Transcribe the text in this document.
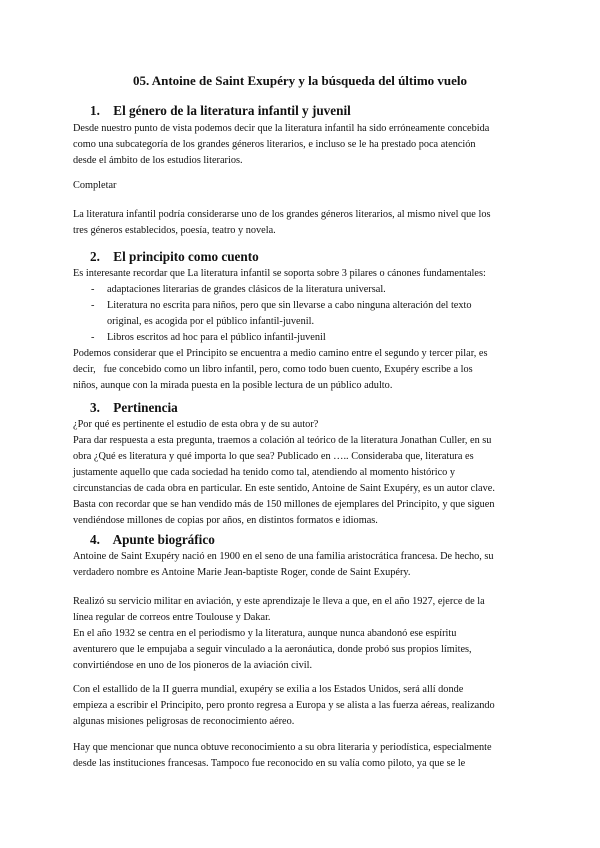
05. Antoine de Saint Exupéry y la búsqueda del último vuelo
1. El género de la literatura infantil y juvenil
Desde nuestro punto de vista podemos decir que la literatura infantil ha sido erróneamente concebida
como una subcategoría de los grandes géneros literarios, e incluso se le ha prestado poca atención
desde el ámbito de los estudios literarios.
Completar
La literatura infantil podría considerarse uno de los grandes géneros literarios, al mismo nivel que los
tres géneros establecidos, poesía, teatro y novela.
2. El principito como cuento
Es interesante recordar que La literatura infantil se soporta sobre 3 pilares o cánones fundamentales:
- adaptaciones literarias de grandes clásicos de la literatura universal.
- Literatura no escrita para niños, pero que sin llevarse a cabo ninguna alteración del texto
original, es acogida por el público infantil-juvenil.
- Libros escritos ad hoc para el público infantil-juvenil
Podemos considerar que el Principito se encuentra a medio camino entre el segundo y tercer pilar, es
decir,   fue concebido como un libro infantil, pero, como todo buen cuento, Exupéry escribe a los
niños, aunque con la mirada puesta en la posible lectura de un público adulto.
3. Pertinencia
¿Por qué es pertinente el estudio de esta obra y de su autor?
Para dar respuesta a esta pregunta, traemos a colación al teórico de la literatura Jonathan Culler, en su
obra ¿Qué es literatura y qué importa lo que sea? Publicado en ….. Consideraba que, literatura es
justamente aquello que cada sociedad ha tenido como tal, atendiendo al momento histórico y
circunstancias de cada obra en particular. En este sentido, Antoine de Saint Exupéry, es un autor clave.
Basta con recordar que se han vendido más de 150 millones de ejemplares del Principito, y que siguen
vendiéndose millones de copias por años, en distintos formatos e idiomas.
4. Apunte biográfico
Antoine de Saint Exupéry nació en 1900 en el seno de una familia aristocrática francesa. De hecho, su
verdadero nombre es Antoine Marie Jean-baptiste Roger, conde de Saint Exupéry.
Realizó su servicio militar en aviación, y este aprendizaje le lleva a que, en el año 1927, ejerce de la
línea regular de correos entre Toulouse y Dakar.
En el año 1932 se centra en el periodismo y la literatura, aunque nunca abandonó ese espíritu
aventurero que le empujaba a seguir vinculado a la aeronáutica, donde probó sus propios límites,
convirtiéndose en uno de los pioneros de la aviación civil.
Con el estallido de la II guerra mundial, exupéry se exilia a los Estados Unidos, será allí donde
empieza a escribir el Principito, pero pronto regresa a Europa y se alista a las fuerza aéreas, realizando
algunas misiones peligrosas de reconocimiento aéreo.
Hay que mencionar que nunca obtuve reconocimiento a su obra literaria y periodística, especialmente
desde las instituciones francesas. Tampoco fue reconocido en su valía como piloto, ya que se le
